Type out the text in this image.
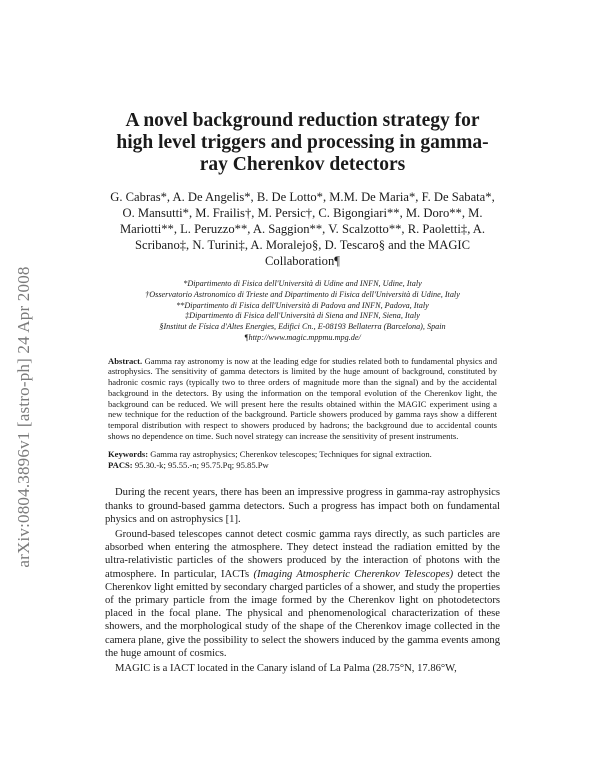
arXiv:0804.3896v1 [astro-ph] 24 Apr 2008
A novel background reduction strategy for high level triggers and processing in gamma-ray Cherenkov detectors
G. Cabras*, A. De Angelis*, B. De Lotto*, M.M. De Maria*, F. De Sabata*, O. Mansutti*, M. Frailis†, M. Persic†, C. Bigongiari**, M. Doro**, M. Mariotti**, L. Peruzzo**, A. Saggion**, V. Scalzotto**, R. Paoletti‡, A. Scribano‡, N. Turini‡, A. Moralejo§, D. Tescaro§ and the MAGIC Collaboration¶
*Dipartimento di Fisica dell'Università di Udine and INFN, Udine, Italy
†Osservatorio Astronomico di Trieste and Dipartimento di Fisica dell'Università di Udine, Italy
**Dipartimento di Fisica dell'Università di Padova and INFN, Padova, Italy
‡Dipartimento di Fisica dell'Università di Siena and INFN, Siena, Italy
§Institut de Física d'Altes Energies, Edifici Cn., E-08193 Bellaterra (Barcelona), Spain
¶http://www.magic.mppmu.mpg.de/
Abstract. Gamma ray astronomy is now at the leading edge for studies related both to fundamental physics and astrophysics. The sensitivity of gamma detectors is limited by the huge amount of background, constituted by hadronic cosmic rays (typically two to three orders of magnitude more than the signal) and by the accidental background in the detectors. By using the information on the temporal evolution of the Cherenkov light, the background can be reduced. We will present here the results obtained within the MAGIC experiment using a new technique for the reduction of the background. Particle showers produced by gamma rays show a different temporal distribution with respect to showers produced by hadrons; the background due to accidental counts shows no dependence on time. Such novel strategy can increase the sensitivity of present instruments.
Keywords: Gamma ray astrophysics; Cherenkov telescopes; Techniques for signal extraction.
PACS: 95.30.-k; 95.55.-n; 95.75.Pq; 95.85.Pw

During the recent years, there has been an impressive progress in gamma-ray astrophysics thanks to ground-based gamma detectors. Such a progress has impact both on fundamental physics and on astrophysics [1].

Ground-based telescopes cannot detect cosmic gamma rays directly, as such particles are absorbed when entering the atmosphere. They detect instead the radiation emitted by the ultra-relativistic particles of the showers produced by the interaction of photons with the atmosphere. In particular, IACTs (Imaging Atmospheric Cherenkov Telescopes) detect the Cherenkov light emitted by secondary charged particles of a shower, and study the properties of the primary particle from the image formed by the Cherenkov light on photodetectors placed in the focal plane. The physical and phenomenological characterization of these showers, and the morphological study of the shape of the Cherenkov image collected in the camera plane, give the possibility to select the showers induced by the gamma events among the huge amount of cosmics.

MAGIC is a IACT located in the Canary island of La Palma (28.75°N, 17.86°W,
